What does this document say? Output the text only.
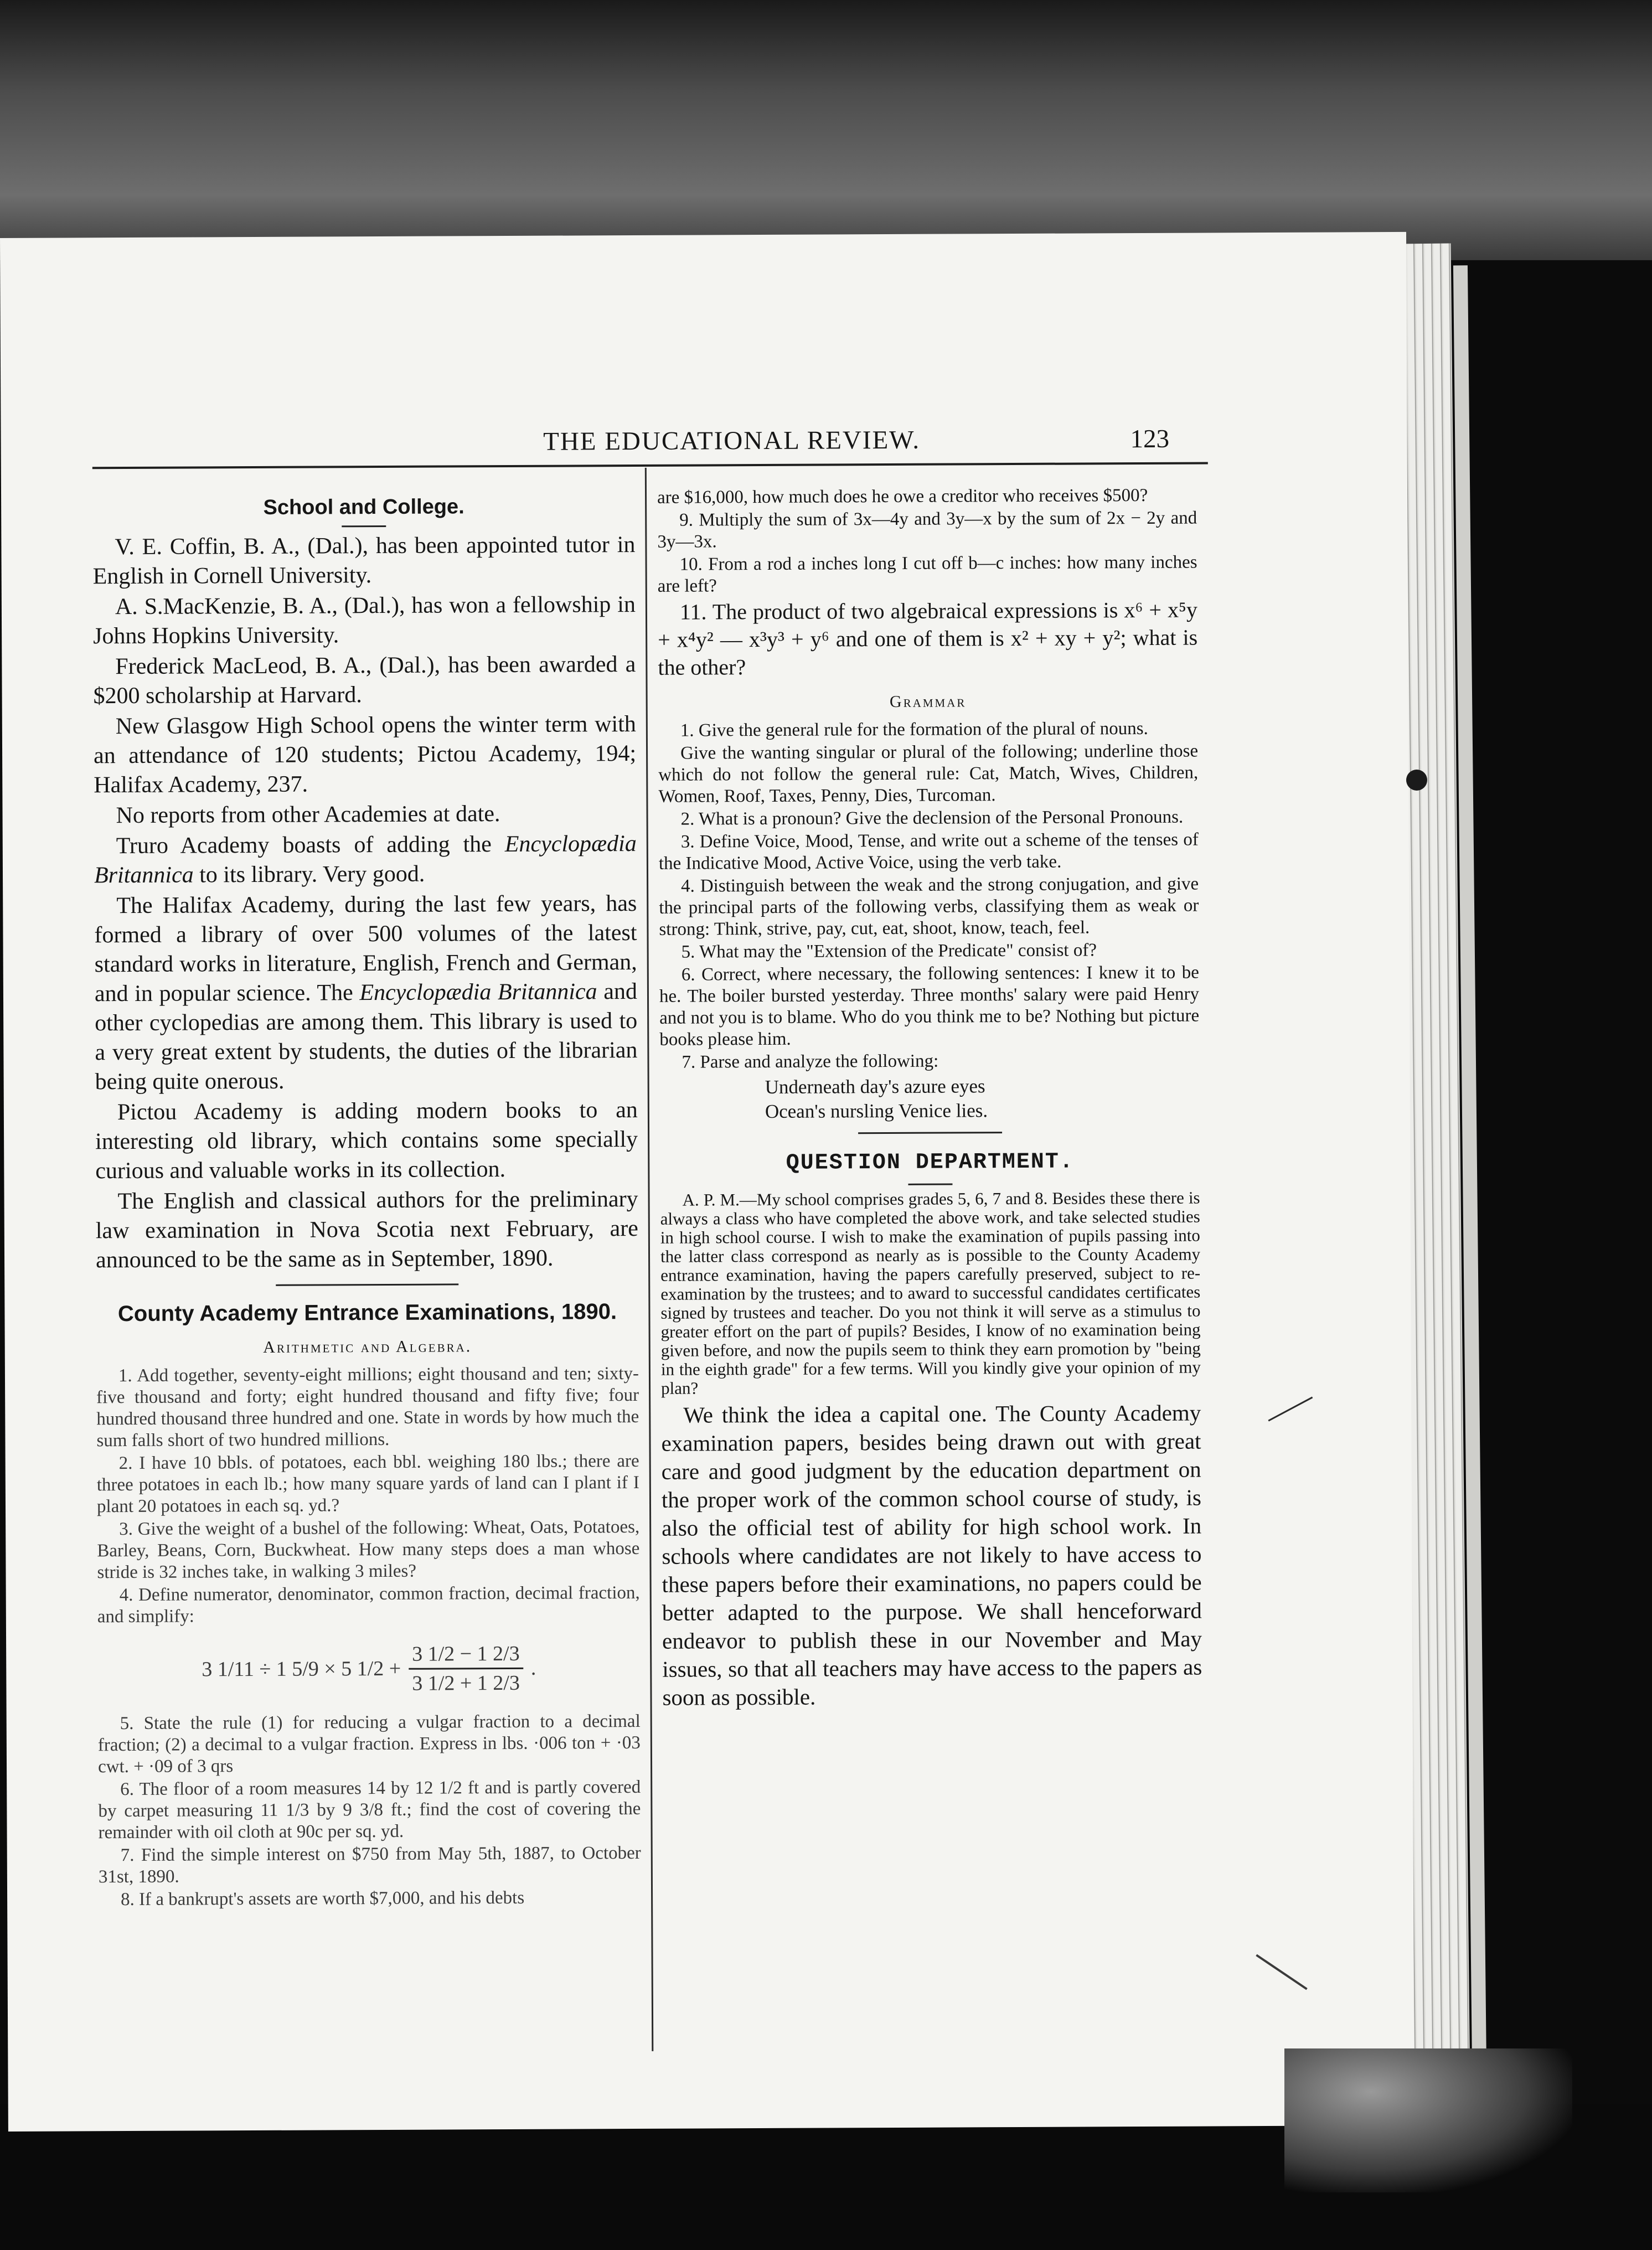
THE EDUCATIONAL REVIEW.	123
School and College.

V. E. Coffin, B. A., (Dal.), has been appointed tutor in English in Cornell University.

A. S.MacKenzie, B. A., (Dal.), has won a fellowship in Johns Hopkins University.

Frederick MacLeod, B. A., (Dal.), has been awarded a $200 scholarship at Harvard.

New Glasgow High School opens the winter term with an attendance of 120 students; Pictou Academy, 194; Halifax Academy, 237.

No reports from other Academies at date.

Truro Academy boasts of adding the Encyclopædia Britannica to its library. Very good.

The Halifax Academy, during the last few years, has formed a library of over 500 volumes of the latest standard works in literature, English, French and German, and in popular science. The Encyclopædia Britannica and other cyclopedias are among them. This library is used to a very great extent by students, the duties of the librarian being quite onerous.

Pictou Academy is adding modern books to an interesting old library, which contains some specially curious and valuable works in its collection.

The English and classical authors for the preliminary law examination in Nova Scotia next February, are announced to be the same as in September, 1890.

County Academy Entrance Examinations, 1890.
Arithmetic and Algebra.

1. Add together, seventy-eight millions; eight thousand and ten; sixty-five thousand and forty; eight hundred thousand and fifty five; four hundred thousand three hundred and one. State in words by how much the sum falls short of two hundred millions.

2. I have 10 bbls. of potatoes, each bbl. weighing 180 lbs.; there are three potatoes in each lb.; how many square yards of land can I plant if I plant 20 potatoes in each sq. yd.?

3. Give the weight of a bushel of the following: Wheat, Oats, Potatoes, Barley, Beans, Corn, Buckwheat. How many steps does a man whose stride is 32 inches take, in walking 3 miles?

4. Define numerator, denominator, common fraction, decimal fraction, and simplify:

3 1/11 ÷ 1 5/9 × 5 $1/2 + \frac{3 1/2 - 1 2/3}{3 1/2 + 1 2/3}$ .

5. State the rule (1) for reducing a vulgar fraction to a decimal fraction; (2) a decimal to a vulgar fraction. Express in lbs. ·006 ton + ·03 cwt. + ·09 of 3 qrs

6. The floor of a room measures 14 by 12 1/2 ft and is partly covered by carpet measuring 11 1/3 by 9 3/8 ft.; find the cost of covering the remainder with oil cloth at 90c per sq. yd.

7. Find the simple interest on $750 from May 5th, 1887, to October 31st, 1890.

8. If a bankrupt's assets are worth $7,000, and his debts

are $16,000, how much does he owe a creditor who receives $500?

9. Multiply the sum of 3x—4y and 3y—x by the sum of 2x − 2y and 3y—3x.

10. From a rod a inches long I cut off b—c inches: how many inches are left?

11. The product of two algebraical expressions is x⁶ + x⁵y + x⁴y² — x³y³ + y⁶ and one of them is x² + xy + y²; what is the other?

Grammar

1. Give the general rule for the formation of the plural of nouns.

Give the wanting singular or plural of the following; underline those which do not follow the general rule: Cat, Match, Wives, Children, Women, Roof, Taxes, Penny, Dies, Turcoman.

2. What is a pronoun? Give the declension of the Personal Pronouns.

3. Define Voice, Mood, Tense, and write out a scheme of the tenses of the Indicative Mood, Active Voice, using the verb take.

4. Distinguish between the weak and the strong conjugation, and give the principal parts of the following verbs, classifying them as weak or strong: Think, strive, pay, cut, eat, shoot, know, teach, feel.

5. What may the "Extension of the Predicate" consist of?

6. Correct, where necessary, the following sentences: I knew it to be he. The boiler bursted yesterday. Three months' salary were paid Henry and not you is to blame. Who do you think me to be? Nothing but picture books please him.

7. Parse and analyze the following:

Underneath day's azure eyes
Ocean's nursling Venice lies.
QUESTION DEPARTMENT.

A. P. M.—My school comprises grades 5, 6, 7 and 8. Besides these there is always a class who have completed the above work, and take selected studies in high school course. I wish to make the examination of pupils passing into the latter class correspond as nearly as is possible to the County Academy entrance examination, having the papers carefully preserved, subject to re-examination by the trustees; and to award to successful candidates certificates signed by trustees and teacher. Do you not think it will serve as a stimulus to greater effort on the part of pupils? Besides, I know of no examination being given before, and now the pupils seem to think they earn promotion by "being in the eighth grade" for a few terms. Will you kindly give your opinion of my plan?

We think the idea a capital one. The County Academy examination papers, besides being drawn out with great care and good judgment by the education department on the proper work of the common school course of study, is also the official test of ability for high school work. In schools where candidates are not likely to have access to these papers before their examinations, no papers could be better adapted to the purpose. We shall henceforward endeavor to publish these in our November and May issues, so that all teachers may have access to the papers as soon as possible.
